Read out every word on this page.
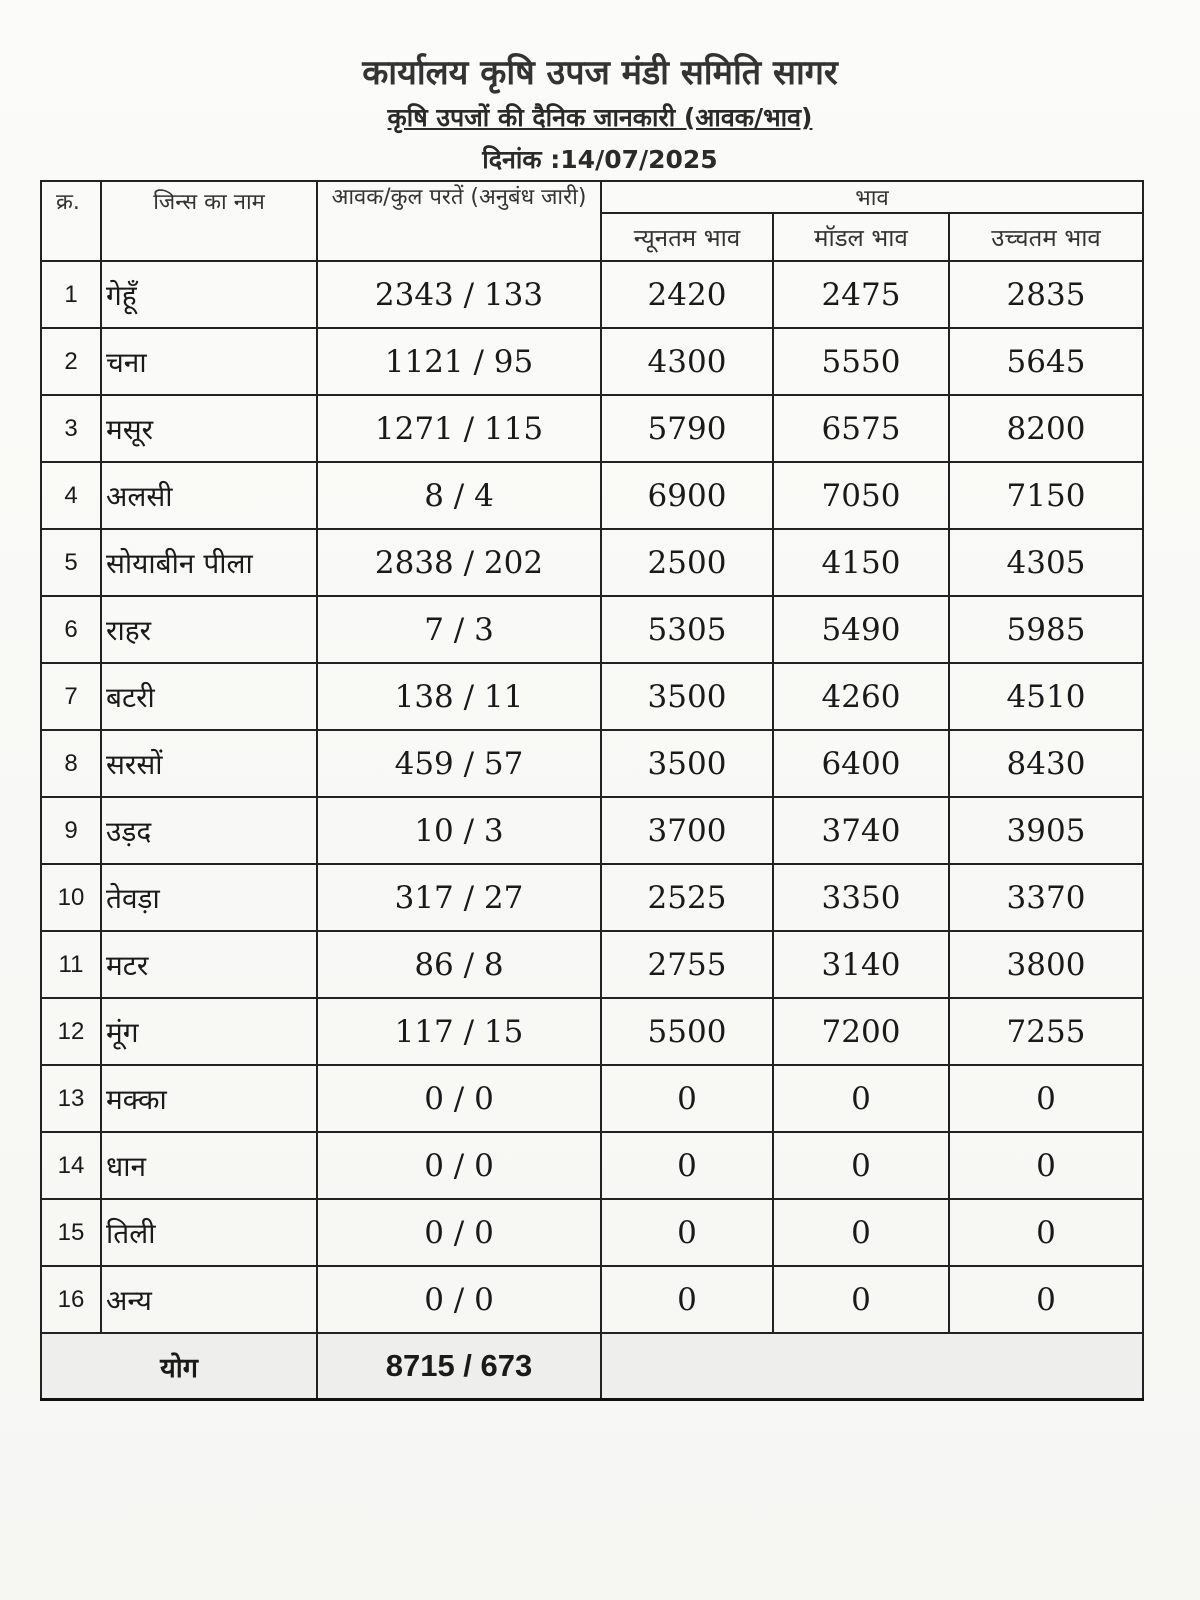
कार्यालय कृषि उपज मंडी समिति सागर
कृषि उपजों की दैनिक जानकारी (आवक/भाव)
दिनांक :14/07/2025
क्र.	जिन्स का नाम	आवक/कुल परतें (अनुबंध जारी)	भाव		
			न्यूनतम भाव	मॉडल भाव	उच्चतम भाव
1	गेहूँ	2343 / 133	2420	2475	2835
2	चना	1121 / 95	4300	5550	5645
3	मसूर	1271 / 115	5790	6575	8200
4	अलसी	8 / 4	6900	7050	7150
5	सोयाबीन पीला	2838 / 202	2500	4150	4305
6	राहर	7 / 3	5305	5490	5985
7	बटरी	138 / 11	3500	4260	4510
8	सरसों	459 / 57	3500	6400	8430
9	उड़द	10 / 3	3700	3740	3905
10	तेवड़ा	317 / 27	2525	3350	3370
11	मटर	86 / 8	2755	3140	3800
12	मूंग	117 / 15	5500	7200	7255
13	मक्का	0 / 0	0	0	0
14	धान	0 / 0	0	0	0
15	तिली	0 / 0	0	0	0
16	अन्य	0 / 0	0	0	0
योग		8715 / 673			
